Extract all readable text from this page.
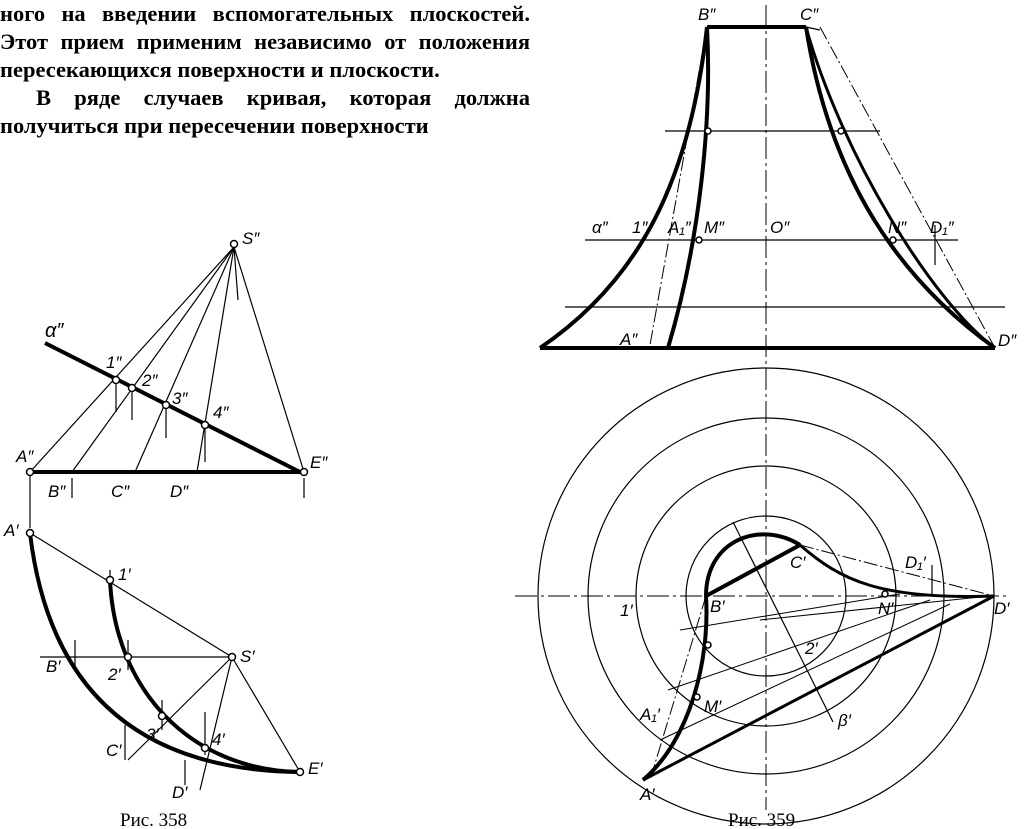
ного на введении вспомогательных плоскостей. Этот прием применим независимо от положения пересекающихся поверхности и плоскости.

В ряде случаев кривая, которая должна получиться при пересечении поверхности

S″
α″
1″
2″
3″
4″
A″
B″	C″ D″
E″
A′
1′
S′
B′	2′
3′	4′
C′
D′
E′
Рис. 358
B″	C″
α″ 1″ A₁″ M″	O″	N″ D₁″
A″	D″
C′	D₁′
1′	B′	N′	D′
2′
A₁′	M′
β′
A′
Рис. 359
